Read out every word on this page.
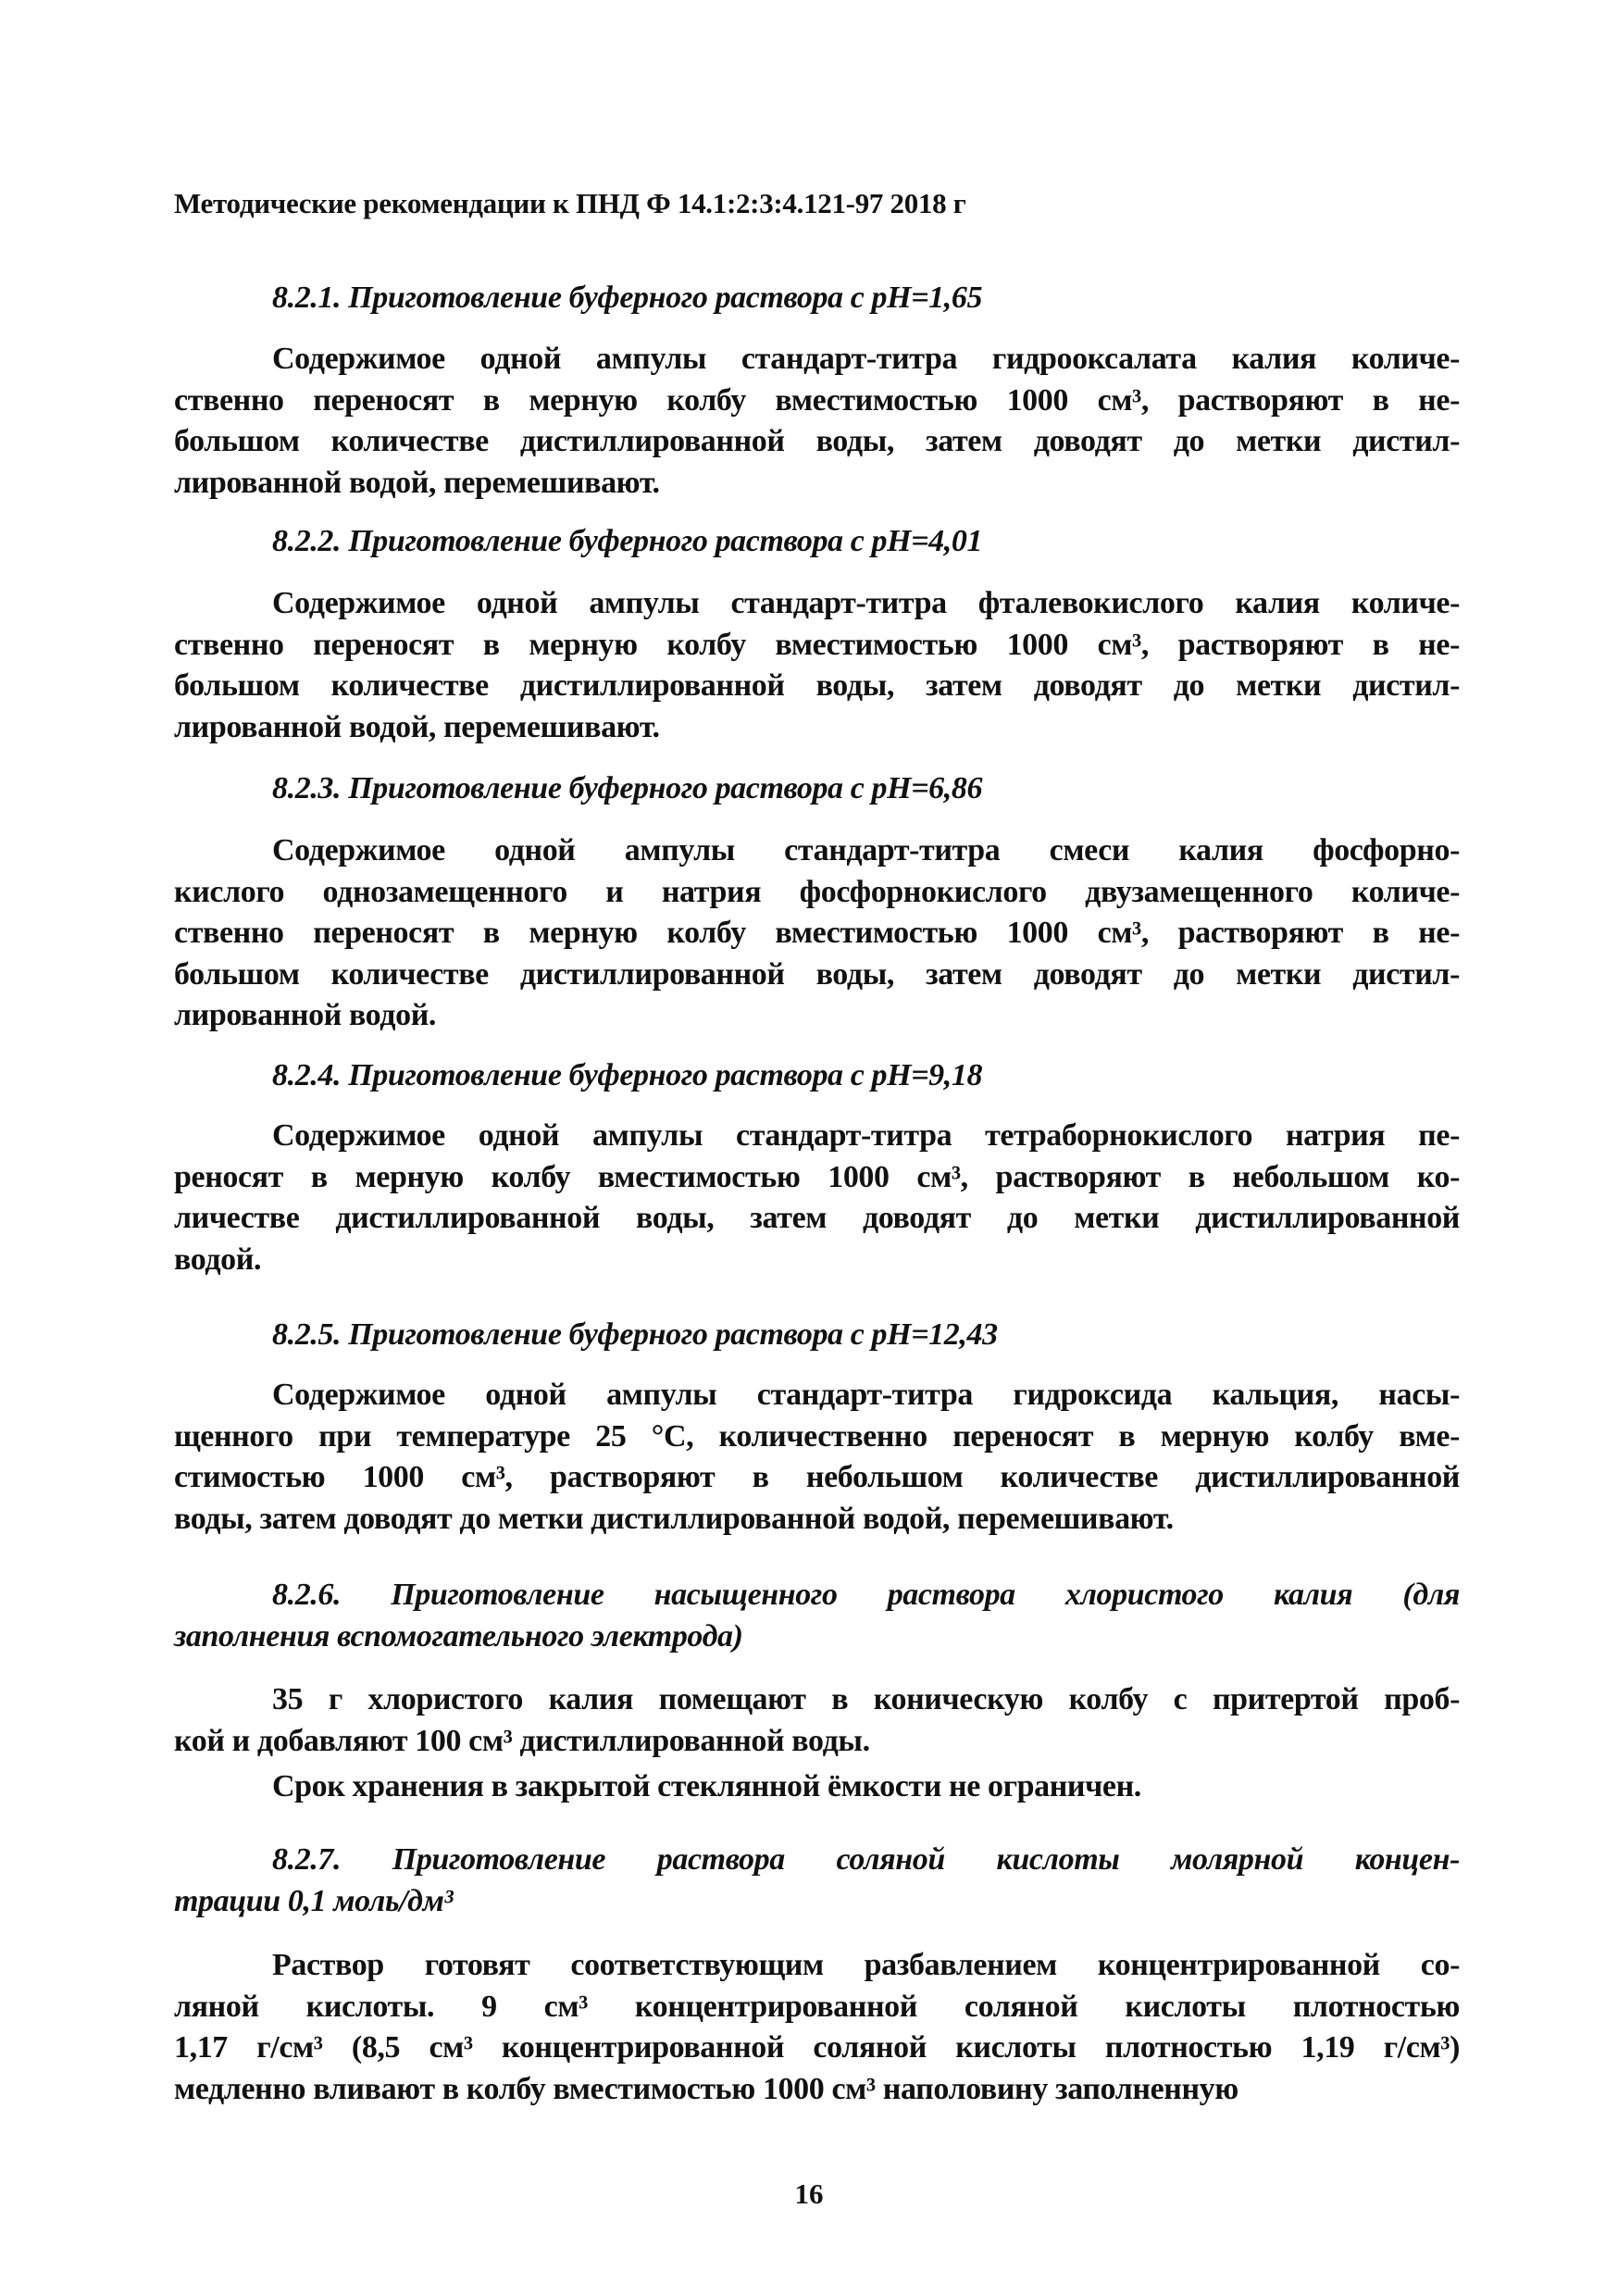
Методические рекомендации к ПНД Ф 14.1:2:3:4.121-97 2018 г
8.2.1. Приготовление буферного раствора с pH=1,65
Содержимое одной ампулы стандарт-титра гидрооксалата калия количе-
ственно переносят в мерную колбу вместимостью 1000 см³, растворяют в не-
большом количестве дистиллированной воды, затем доводят до метки дистил-
лированной водой, перемешивают.
8.2.2. Приготовление буферного раствора с pH=4,01
Содержимое одной ампулы стандарт-титра фталевокислого калия количе-
ственно переносят в мерную колбу вместимостью 1000 см³, растворяют в не-
большом количестве дистиллированной воды, затем доводят до метки дистил-
лированной водой, перемешивают.
8.2.3. Приготовление буферного раствора с pH=6,86
Содержимое одной ампулы стандарт-титра смеси калия фосфорно-
кислого однозамещенного и натрия фосфорнокислого двузамещенного количе-
ственно переносят в мерную колбу вместимостью 1000 см³, растворяют в не-
большом количестве дистиллированной воды, затем доводят до метки дистил-
лированной водой.
8.2.4. Приготовление буферного раствора с pH=9,18
Содержимое одной ампулы стандарт-титра тетраборнокислого натрия пе-
реносят в мерную колбу вместимостью 1000 см³, растворяют в небольшом ко-
личестве дистиллированной воды, затем доводят до метки дистиллированной
водой.
8.2.5. Приготовление буферного раствора с pH=12,43
Содержимое одной ампулы стандарт-титра гидроксида кальция, насы-
щенного при температуре 25 °С, количественно переносят в мерную колбу вме-
стимостью 1000 см³, растворяют в небольшом количестве дистиллированной
воды, затем доводят до метки дистиллированной водой, перемешивают.
8.2.6. Приготовление насыщенного раствора хлористого калия (для
заполнения вспомогательного электрода)
35 г хлористого калия помещают в коническую колбу с притертой проб-
кой и добавляют 100 см³ дистиллированной воды.
Срок хранения в закрытой стеклянной ёмкости не ограничен.
8.2.7. Приготовление раствора соляной кислоты молярной концен-
трации 0,1 моль/дм³
Раствор готовят соответствующим разбавлением концентрированной со-
ляной кислоты. 9 см³ концентрированной соляной кислоты плотностью
1,17 г/см³ (8,5 см³ концентрированной соляной кислоты плотностью 1,19 г/см³)
медленно вливают в колбу вместимостью 1000 см³ наполовину заполненную
16
